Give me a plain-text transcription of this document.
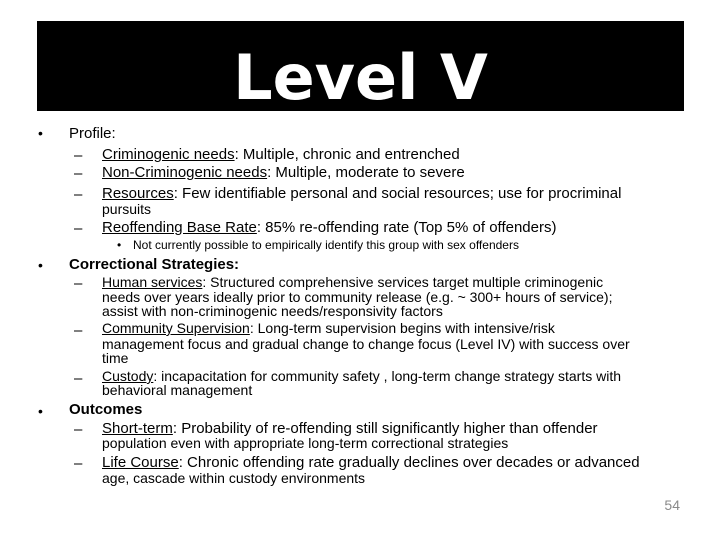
Level V
• Profile:
– Criminogenic needs: Multiple, chronic and entrenched
– Non-Criminogenic needs: Multiple, moderate to severe
– Resources: Few identifiable personal and social resources; use for procriminal
pursuits
– Reoffending Base Rate: 85% re-offending rate (Top 5% of offenders)
• Not currently possible to empirically identify this group with sex offenders
• Correctional Strategies:
– Human services: Structured comprehensive services target multiple criminogenic
needs over years ideally prior to community release (e.g. ~ 300+ hours of service);
assist with non-criminogenic needs/responsivity factors
– Community Supervision: Long-term supervision begins with intensive/risk
management focus and gradual change to change focus (Level IV) with success over
time
– Custody: incapacitation for community safety , long-term change strategy starts with
behavioral management
• Outcomes
– Short-term: Probability of re-offending still significantly higher than offender
population even with appropriate long-term correctional strategies
– Life Course: Chronic offending rate gradually declines over decades or advanced
age, cascade within custody environments
54
